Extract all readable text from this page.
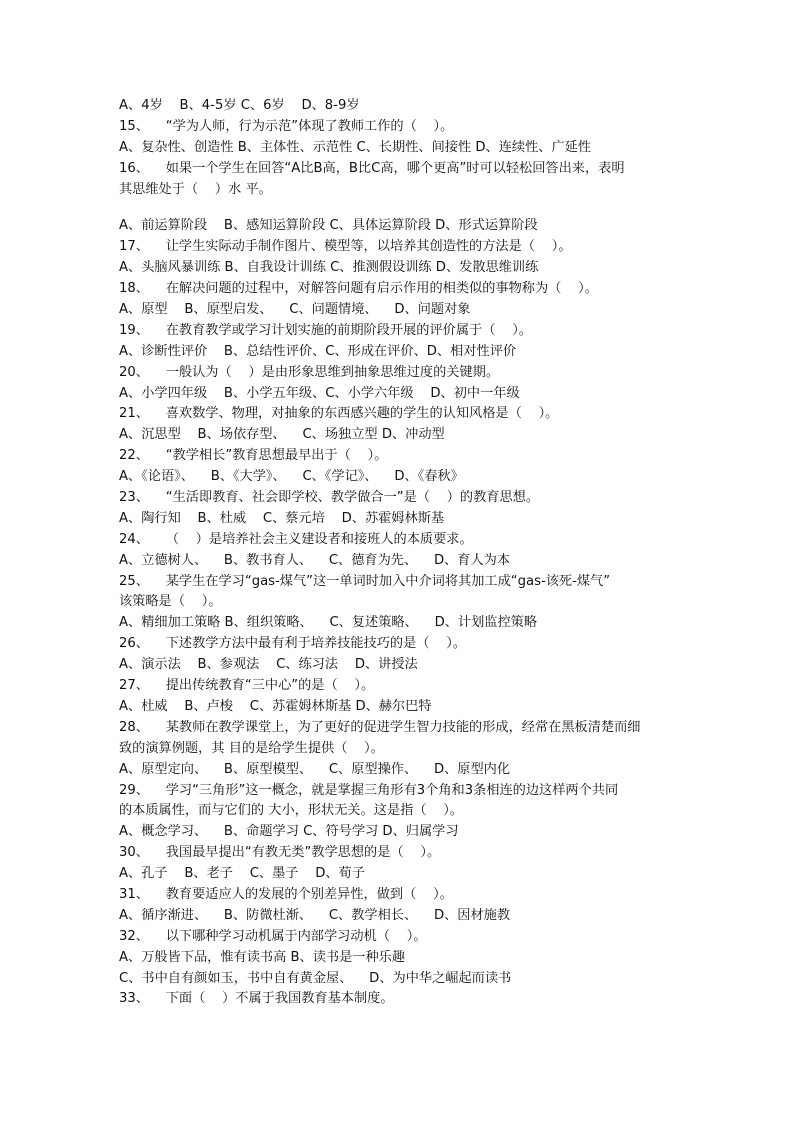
A、4岁    B、4-5岁 C、6岁    D、8-9岁
15、    “学为人师，行为示范”体现了教师工作的（    ）。
A、复杂性、创造性 B、主体性、示范性 C、长期性、间接性 D、连续性、广延性
16、    如果一个学生在回答“A比B高，B比C高，哪个更高”时可以轻松回答出来，表明
其思维处于（    ）水 平。
A、前运算阶段    B、感知运算阶段 C、具体运算阶段 D、形式运算阶段
17、    让学生实际动手制作图片、模型等，以培养其创造性的方法是（    ）。
A、头脑风暴训练 B、自我设计训练 C、推测假设训练 D、发散思维训练
18、    在解决问题的过程中，对解答问题有启示作用的相类似的事物称为（    ）。
A、原型    B、原型启发、    C、问题情境、    D、问题对象
19、    在教育教学或学习计划实施的前期阶段开展的评价属于（    ）。
A、诊断性评价    B、总结性评价、C、形成在评价、D、相对性评价
20、    一般认为（    ）是由形象思维到抽象思维过度的关键期。
A、小学四年级    B、小学五年级、C、小学六年级    D、初中一年级
21、    喜欢数学、物理，对抽象的东西感兴趣的学生的认知风格是（    ）。
A、沉思型    B、场依存型、    C、场独立型 D、冲动型
22、    “教学相长”教育思想最早出于（    ）。
A、《论语》、    B、《大学》、    C、《学记》、    D、《春秋》
23、    “生活即教育、社会即学校、教学做合一”是（    ）的教育思想。
A、陶行知    B、杜威    C、蔡元培    D、苏霍姆林斯基
24、    （    ）是培养社会主义建设者和接班人的本质要求。
A、立德树人、    B、教书育人、    C、德育为先、    D、育人为本
25、    某学生在学习“gas-煤气”这一单词时加入中介词将其加工成“gas-该死-煤气”
该策略是（    ）。
A、精细加工策略 B、组织策略、    C、复述策略、    D、计划监控策略
26、    下述教学方法中最有利于培养技能技巧的是（    ）。
A、演示法    B、参观法    C、练习法    D、讲授法
27、    提出传统教育“三中心”的是（    ）。
A、杜威    B、卢梭    C、苏霍姆林斯基 D、赫尔巴特
28、    某教师在教学课堂上，为了更好的促进学生智力技能的形成，经常在黑板清楚而细
致的演算例题，其 目的是给学生提供（    ）。
A、原型定向、    B、原型模型、    C、原型操作、    D、原型内化
29、    学习“三角形”这一概念，就是掌握三角形有3个角和3条相连的边这样两个共同
的本质属性，而与它们的 大小，形状无关。这是指（    ）。
A、概念学习、    B、命题学习 C、符号学习 D、归属学习
30、    我国最早提出“有教无类”教学思想的是（    ）。
A、孔子    B、老子    C、墨子    D、荀子
31、    教育要适应人的发展的个别差异性，做到（    ）。
A、循序渐进、    B、防微杜渐、    C、教学相长、    D、因材施教
32、    以下哪种学习动机属于内部学习动机（    ）。
A、万般皆下品，惟有读书高 B、读书是一种乐趣
C、书中自有颜如玉，书中自有黄金屋、    D、为中华之崛起而读书
33、    下面（    ）不属于我国教育基本制度。
